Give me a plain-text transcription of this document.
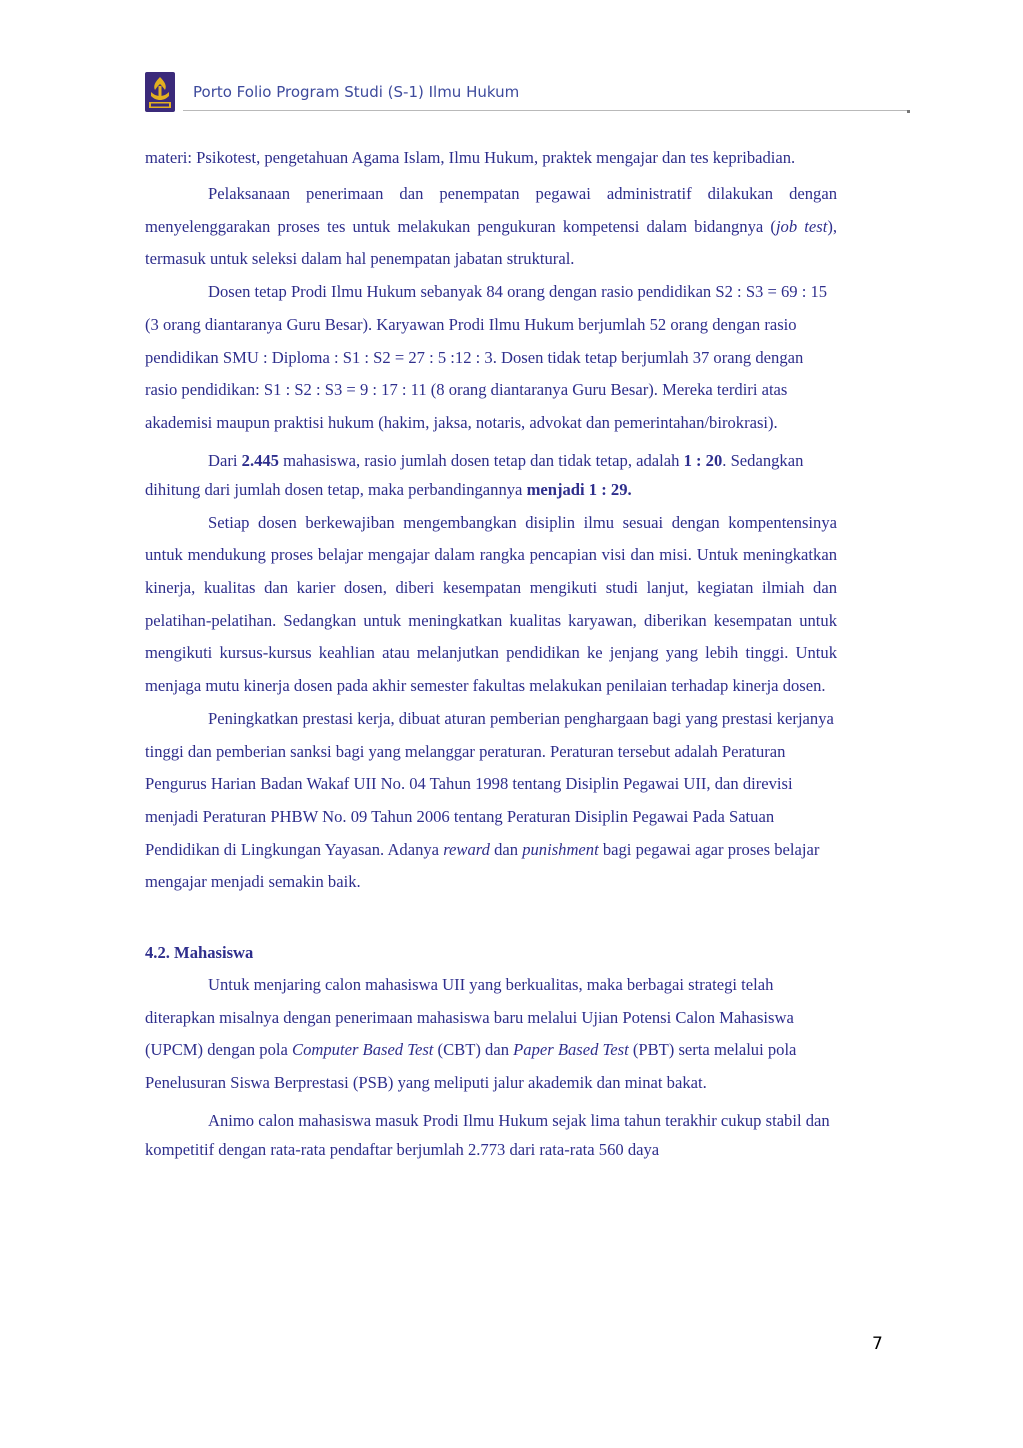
Porto Folio Program Studi (S-1) Ilmu Hukum

materi: Psikotest, pengetahuan Agama Islam, Ilmu Hukum, praktek mengajar dan tes kepribadian.

Pelaksanaan penerimaan dan penempatan pegawai administratif dilakukan dengan menyelenggarakan proses tes untuk melakukan pengukuran kompetensi dalam bidangnya (job test), termasuk untuk seleksi dalam hal penempatan jabatan struktural.

Dosen tetap Prodi Ilmu Hukum sebanyak 84 orang dengan rasio pendidikan S2 : S3 = 69 : 15 (3 orang diantaranya Guru Besar). Karyawan Prodi Ilmu Hukum berjumlah 52 orang dengan rasio pendidikan SMU : Diploma : S1 : S2 = 27 : 5 :12 : 3. Dosen tidak tetap berjumlah 37 orang dengan rasio pendidikan: S1 : S2 : S3 = 9 : 17 : 11 (8 orang diantaranya Guru Besar). Mereka terdiri atas akademisi maupun praktisi hukum (hakim, jaksa, notaris, advokat dan pemerintahan/birokrasi).

Dari 2.445 mahasiswa, rasio jumlah dosen tetap dan tidak tetap, adalah 1 : 20. Sedangkan dihitung dari jumlah dosen tetap, maka perbandingannya menjadi 1 : 29.

Setiap dosen berkewajiban mengembangkan disiplin ilmu sesuai dengan kompentensinya untuk mendukung proses belajar mengajar dalam rangka pencapian visi dan misi. Untuk meningkatkan kinerja, kualitas dan karier dosen, diberi kesempatan mengikuti studi lanjut, kegiatan ilmiah dan pelatihan-pelatihan. Sedangkan untuk meningkatkan kualitas karyawan, diberikan kesempatan untuk mengikuti kursus-kursus keahlian atau melanjutkan pendidikan ke jenjang yang lebih tinggi. Untuk menjaga mutu kinerja dosen pada akhir semester fakultas melakukan penilaian terhadap kinerja dosen.

Peningkatkan prestasi kerja, dibuat aturan pemberian penghargaan bagi yang prestasi kerjanya tinggi dan pemberian sanksi bagi yang melanggar peraturan. Peraturan tersebut adalah Peraturan Pengurus Harian Badan Wakaf UII No. 04 Tahun 1998 tentang Disiplin Pegawai UII, dan direvisi menjadi Peraturan PHBW No. 09 Tahun 2006 tentang Peraturan Disiplin Pegawai Pada Satuan Pendidikan di Lingkungan Yayasan. Adanya reward dan punishment bagi pegawai agar proses belajar mengajar menjadi semakin baik.

4.2. Mahasiswa

Untuk menjaring calon mahasiswa UII yang berkualitas, maka berbagai strategi telah diterapkan misalnya dengan penerimaan mahasiswa baru melalui Ujian Potensi Calon Mahasiswa (UPCM) dengan pola Computer Based Test (CBT) dan Paper Based Test (PBT) serta melalui pola Penelusuran Siswa Berprestasi (PSB) yang meliputi jalur akademik dan minat bakat.

Animo calon mahasiswa masuk Prodi Ilmu Hukum sejak lima tahun terakhir cukup stabil dan kompetitif dengan rata-rata pendaftar berjumlah 2.773 dari rata-rata 560 daya

7
